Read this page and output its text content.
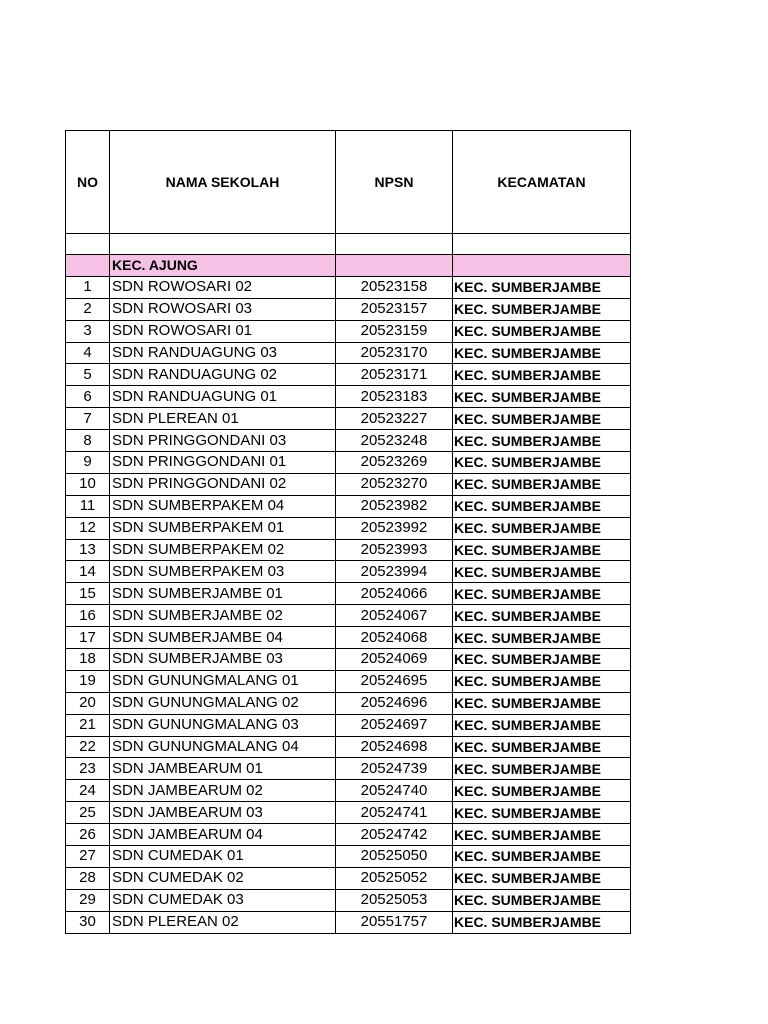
NO	NAMA SEKOLAH	NPSN	KECAMATAN

	KEC. AJUNG		
1	SDN ROWOSARI 02	20523158	KEC. SUMBERJAMBE
2	SDN ROWOSARI 03	20523157	KEC. SUMBERJAMBE
3	SDN ROWOSARI 01	20523159	KEC. SUMBERJAMBE
4	SDN RANDUAGUNG 03	20523170	KEC. SUMBERJAMBE
5	SDN RANDUAGUNG 02	20523171	KEC. SUMBERJAMBE
6	SDN RANDUAGUNG 01	20523183	KEC. SUMBERJAMBE
7	SDN PLEREAN 01	20523227	KEC. SUMBERJAMBE
8	SDN PRINGGONDANI 03	20523248	KEC. SUMBERJAMBE
9	SDN PRINGGONDANI 01	20523269	KEC. SUMBERJAMBE
10	SDN PRINGGONDANI 02	20523270	KEC. SUMBERJAMBE
11	SDN SUMBERPAKEM 04	20523982	KEC. SUMBERJAMBE
12	SDN SUMBERPAKEM 01	20523992	KEC. SUMBERJAMBE
13	SDN SUMBERPAKEM 02	20523993	KEC. SUMBERJAMBE
14	SDN SUMBERPAKEM 03	20523994	KEC. SUMBERJAMBE
15	SDN SUMBERJAMBE 01	20524066	KEC. SUMBERJAMBE
16	SDN SUMBERJAMBE 02	20524067	KEC. SUMBERJAMBE
17	SDN SUMBERJAMBE 04	20524068	KEC. SUMBERJAMBE
18	SDN SUMBERJAMBE 03	20524069	KEC. SUMBERJAMBE
19	SDN GUNUNGMALANG 01	20524695	KEC. SUMBERJAMBE
20	SDN GUNUNGMALANG 02	20524696	KEC. SUMBERJAMBE
21	SDN GUNUNGMALANG 03	20524697	KEC. SUMBERJAMBE
22	SDN GUNUNGMALANG 04	20524698	KEC. SUMBERJAMBE
23	SDN JAMBEARUM 01	20524739	KEC. SUMBERJAMBE
24	SDN JAMBEARUM 02	20524740	KEC. SUMBERJAMBE
25	SDN JAMBEARUM 03	20524741	KEC. SUMBERJAMBE
26	SDN JAMBEARUM 04	20524742	KEC. SUMBERJAMBE
27	SDN CUMEDAK 01	20525050	KEC. SUMBERJAMBE
28	SDN CUMEDAK 02	20525052	KEC. SUMBERJAMBE
29	SDN CUMEDAK 03	20525053	KEC. SUMBERJAMBE
30	SDN PLEREAN 02	20551757	KEC. SUMBERJAMBE
